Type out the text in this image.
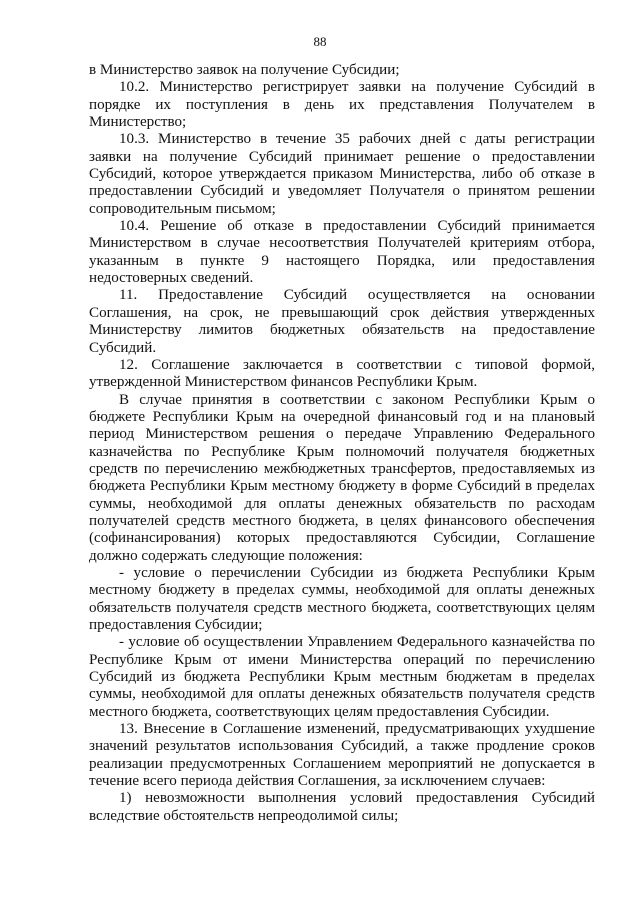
88

в Министерство заявок на получение Субсидии;

10.2. Министерство регистрирует заявки на получение Субсидий в порядке их поступления в день их представления Получателем в Министерство;

10.3. Министерство в течение 35 рабочих дней с даты регистрации заявки на получение Субсидий принимает решение о предоставлении Субсидий, которое утверждается приказом Министерства, либо об отказе в предоставлении Субсидий и уведомляет Получателя о принятом решении сопроводительным письмом;

10.4. Решение об отказе в предоставлении Субсидий принимается Министерством в случае несоответствия Получателей критериям отбора, указанным в пункте 9 настоящего Порядка, или предоставления недостоверных сведений.

11. Предоставление Субсидий осуществляется на основании Соглашения, на срок, не превышающий срок действия утвержденных Министерству лимитов бюджетных обязательств на предоставление Субсидий.

12. Соглашение заключается в соответствии с типовой формой, утвержденной Министерством финансов Республики Крым.

В случае принятия в соответствии с законом Республики Крым о бюджете Республики Крым на очередной финансовый год и на плановый период Министерством решения о передаче Управлению Федерального казначейства по Республике Крым полномочий получателя бюджетных средств по перечислению межбюджетных трансфертов, предоставляемых из бюджета Республики Крым местному бюджету в форме Субсидий в пределах суммы, необходимой для оплаты денежных обязательств по расходам получателей средств местного бюджета, в целях финансового обеспечения (софинансирования) которых предоставляются Субсидии, Соглашение должно содержать следующие положения:

- условие о перечислении Субсидии из бюджета Республики Крым местному бюджету в пределах суммы, необходимой для оплаты денежных обязательств получателя средств местного бюджета, соответствующих целям предоставления Субсидии;

- условие об осуществлении Управлением Федерального казначейства по Республике Крым от имени Министерства операций по перечислению Субсидий из бюджета Республики Крым местным бюджетам в пределах суммы, необходимой для оплаты денежных обязательств получателя средств местного бюджета, соответствующих целям предоставления Субсидии.

13. Внесение в Соглашение изменений, предусматривающих ухудшение значений результатов использования Субсидий, а также продление сроков реализации предусмотренных Соглашением мероприятий не допускается в течение всего периода действия Соглашения, за исключением случаев:

1) невозможности выполнения условий предоставления Субсидий вследствие обстоятельств непреодолимой силы;
